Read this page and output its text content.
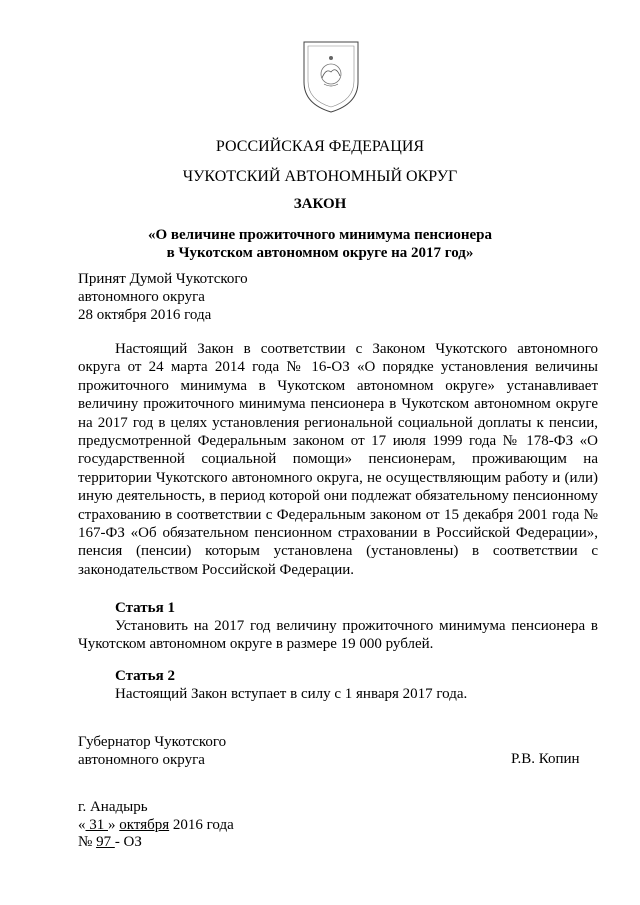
РОССИЙСКАЯ ФЕДЕРАЦИЯ
ЧУКОТСКИЙ АВТОНОМНЫЙ ОКРУГ
ЗАКОН
«О величине прожиточного минимума пенсионера
в Чукотском автономном округе на 2017 год»
Принят Думой Чукотского
автономного округа
28 октября 2016 года
Настоящий Закон в соответствии с Законом Чукотского автономного округа от 24 марта 2014 года № 16-ОЗ «О порядке установления величины прожиточного минимума в Чукотском автономном округе» устанавливает величину прожиточного минимума пенсионера в Чукотском автономном округе на 2017 год в целях установления региональной социальной доплаты к пенсии, предусмотренной Федеральным законом от 17 июля 1999 года № 178-ФЗ «О государственной социальной помощи» пенсионерам, проживающим на территории Чукотского автономного округа, не осуществляющим работу и (или) иную деятельность, в период которой они подлежат обязательному пенсионному страхованию в соответствии с Федеральным законом от 15 декабря 2001 года № 167-ФЗ «Об обязательном пенсионном страховании в Российской Федерации», пенсия (пенсии) которым установлена (установлены) в соответствии с законодательством Российской Федерации.
Статья 1
Установить на 2017 год величину прожиточного минимума пенсионера в Чукотском автономном округе в размере 19 000 рублей.
Статья 2
Настоящий Закон вступает в силу с 1 января 2017 года.
Губернатор Чукотского
автономного округа	Р.В. Копин
г. Анадырь
« 31 » октября 2016 года
№ 97 - ОЗ
